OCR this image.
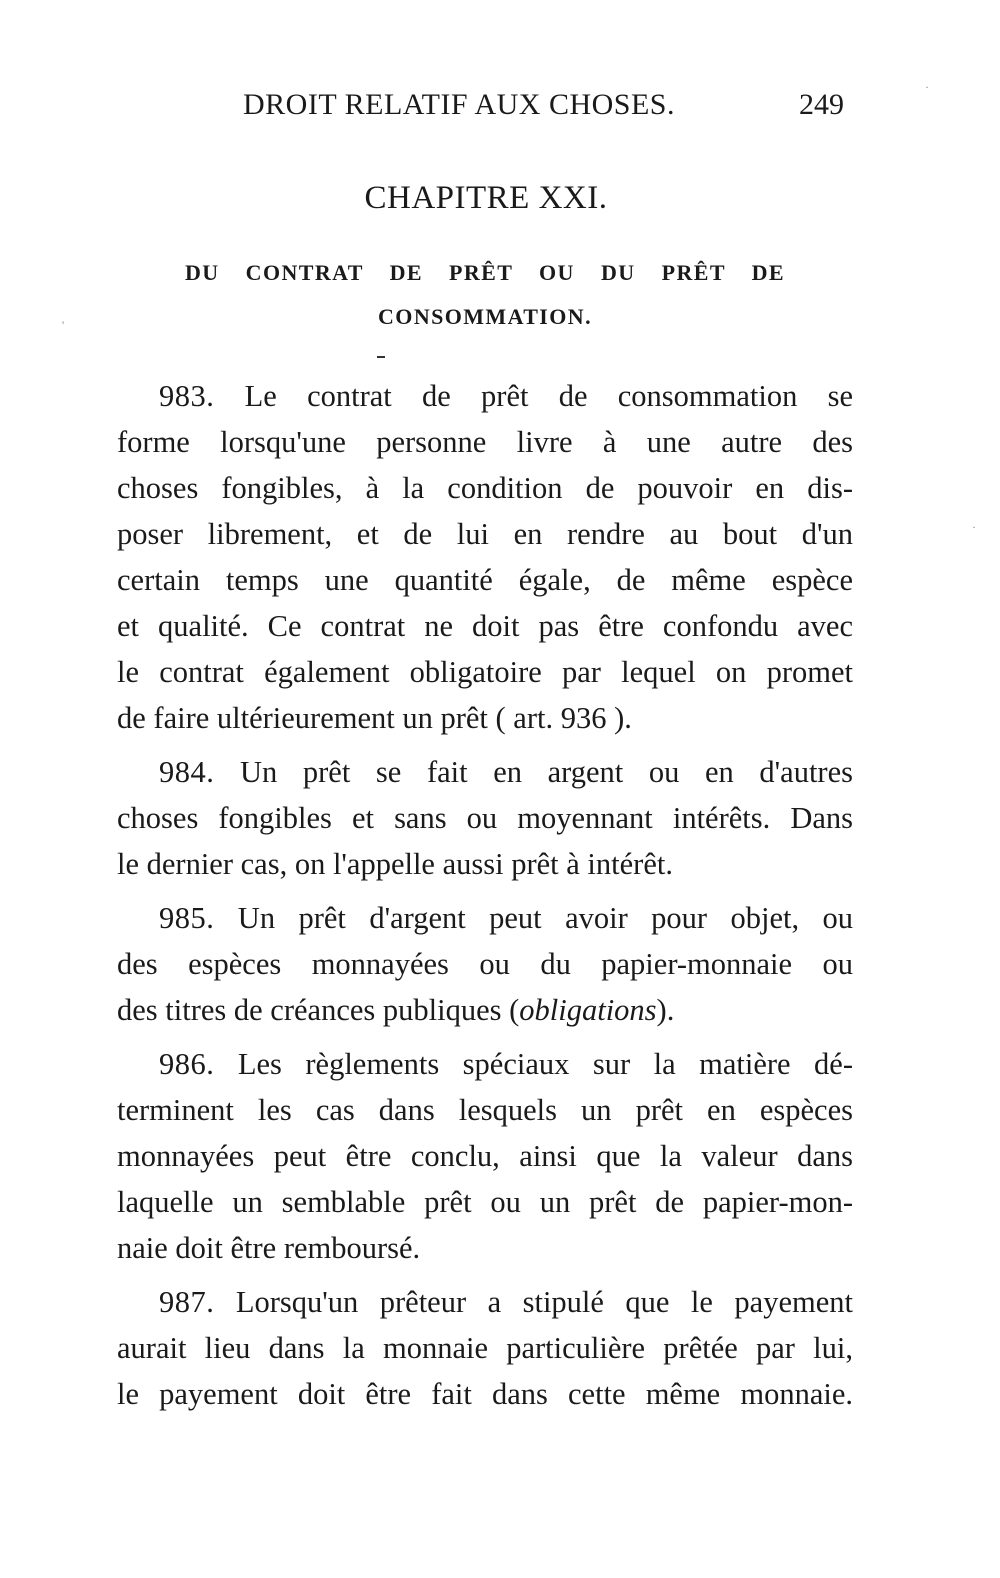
DROIT RELATIF AUX CHOSES.	249
CHAPITRE XXI.
DU CONTRAT DE PRÊT OU DU PRÊT DE
CONSOMMATION.
'
·
·
983. Le contrat de prêt de consommation se
forme lorsqu'une personne livre à une autre des
choses fongibles, à la condition de pouvoir en dis-
poser librement, et de lui en rendre au bout d'un
certain temps une quantité égale, de même espèce
et qualité. Ce contrat ne doit pas être confondu avec
le contrat également obligatoire par lequel on promet
de faire ultérieurement un prêt ( art. 936 ).
984. Un prêt se fait en argent ou en d'autres
choses fongibles et sans ou moyennant intérêts. Dans
le dernier cas, on l'appelle aussi prêt à intérêt.
985. Un prêt d'argent peut avoir pour objet, ou
des espèces monnayées ou du papier-monnaie ou
des titres de créances publiques (obligations).
986. Les règlements spéciaux sur la matière dé-
terminent les cas dans lesquels un prêt en espèces
monnayées peut être conclu, ainsi que la valeur dans
laquelle un semblable prêt ou un prêt de papier-mon-
naie doit être remboursé.
987. Lorsqu'un prêteur a stipulé que le payement
aurait lieu dans la monnaie particulière prêtée par lui,
le payement doit être fait dans cette même monnaie.
